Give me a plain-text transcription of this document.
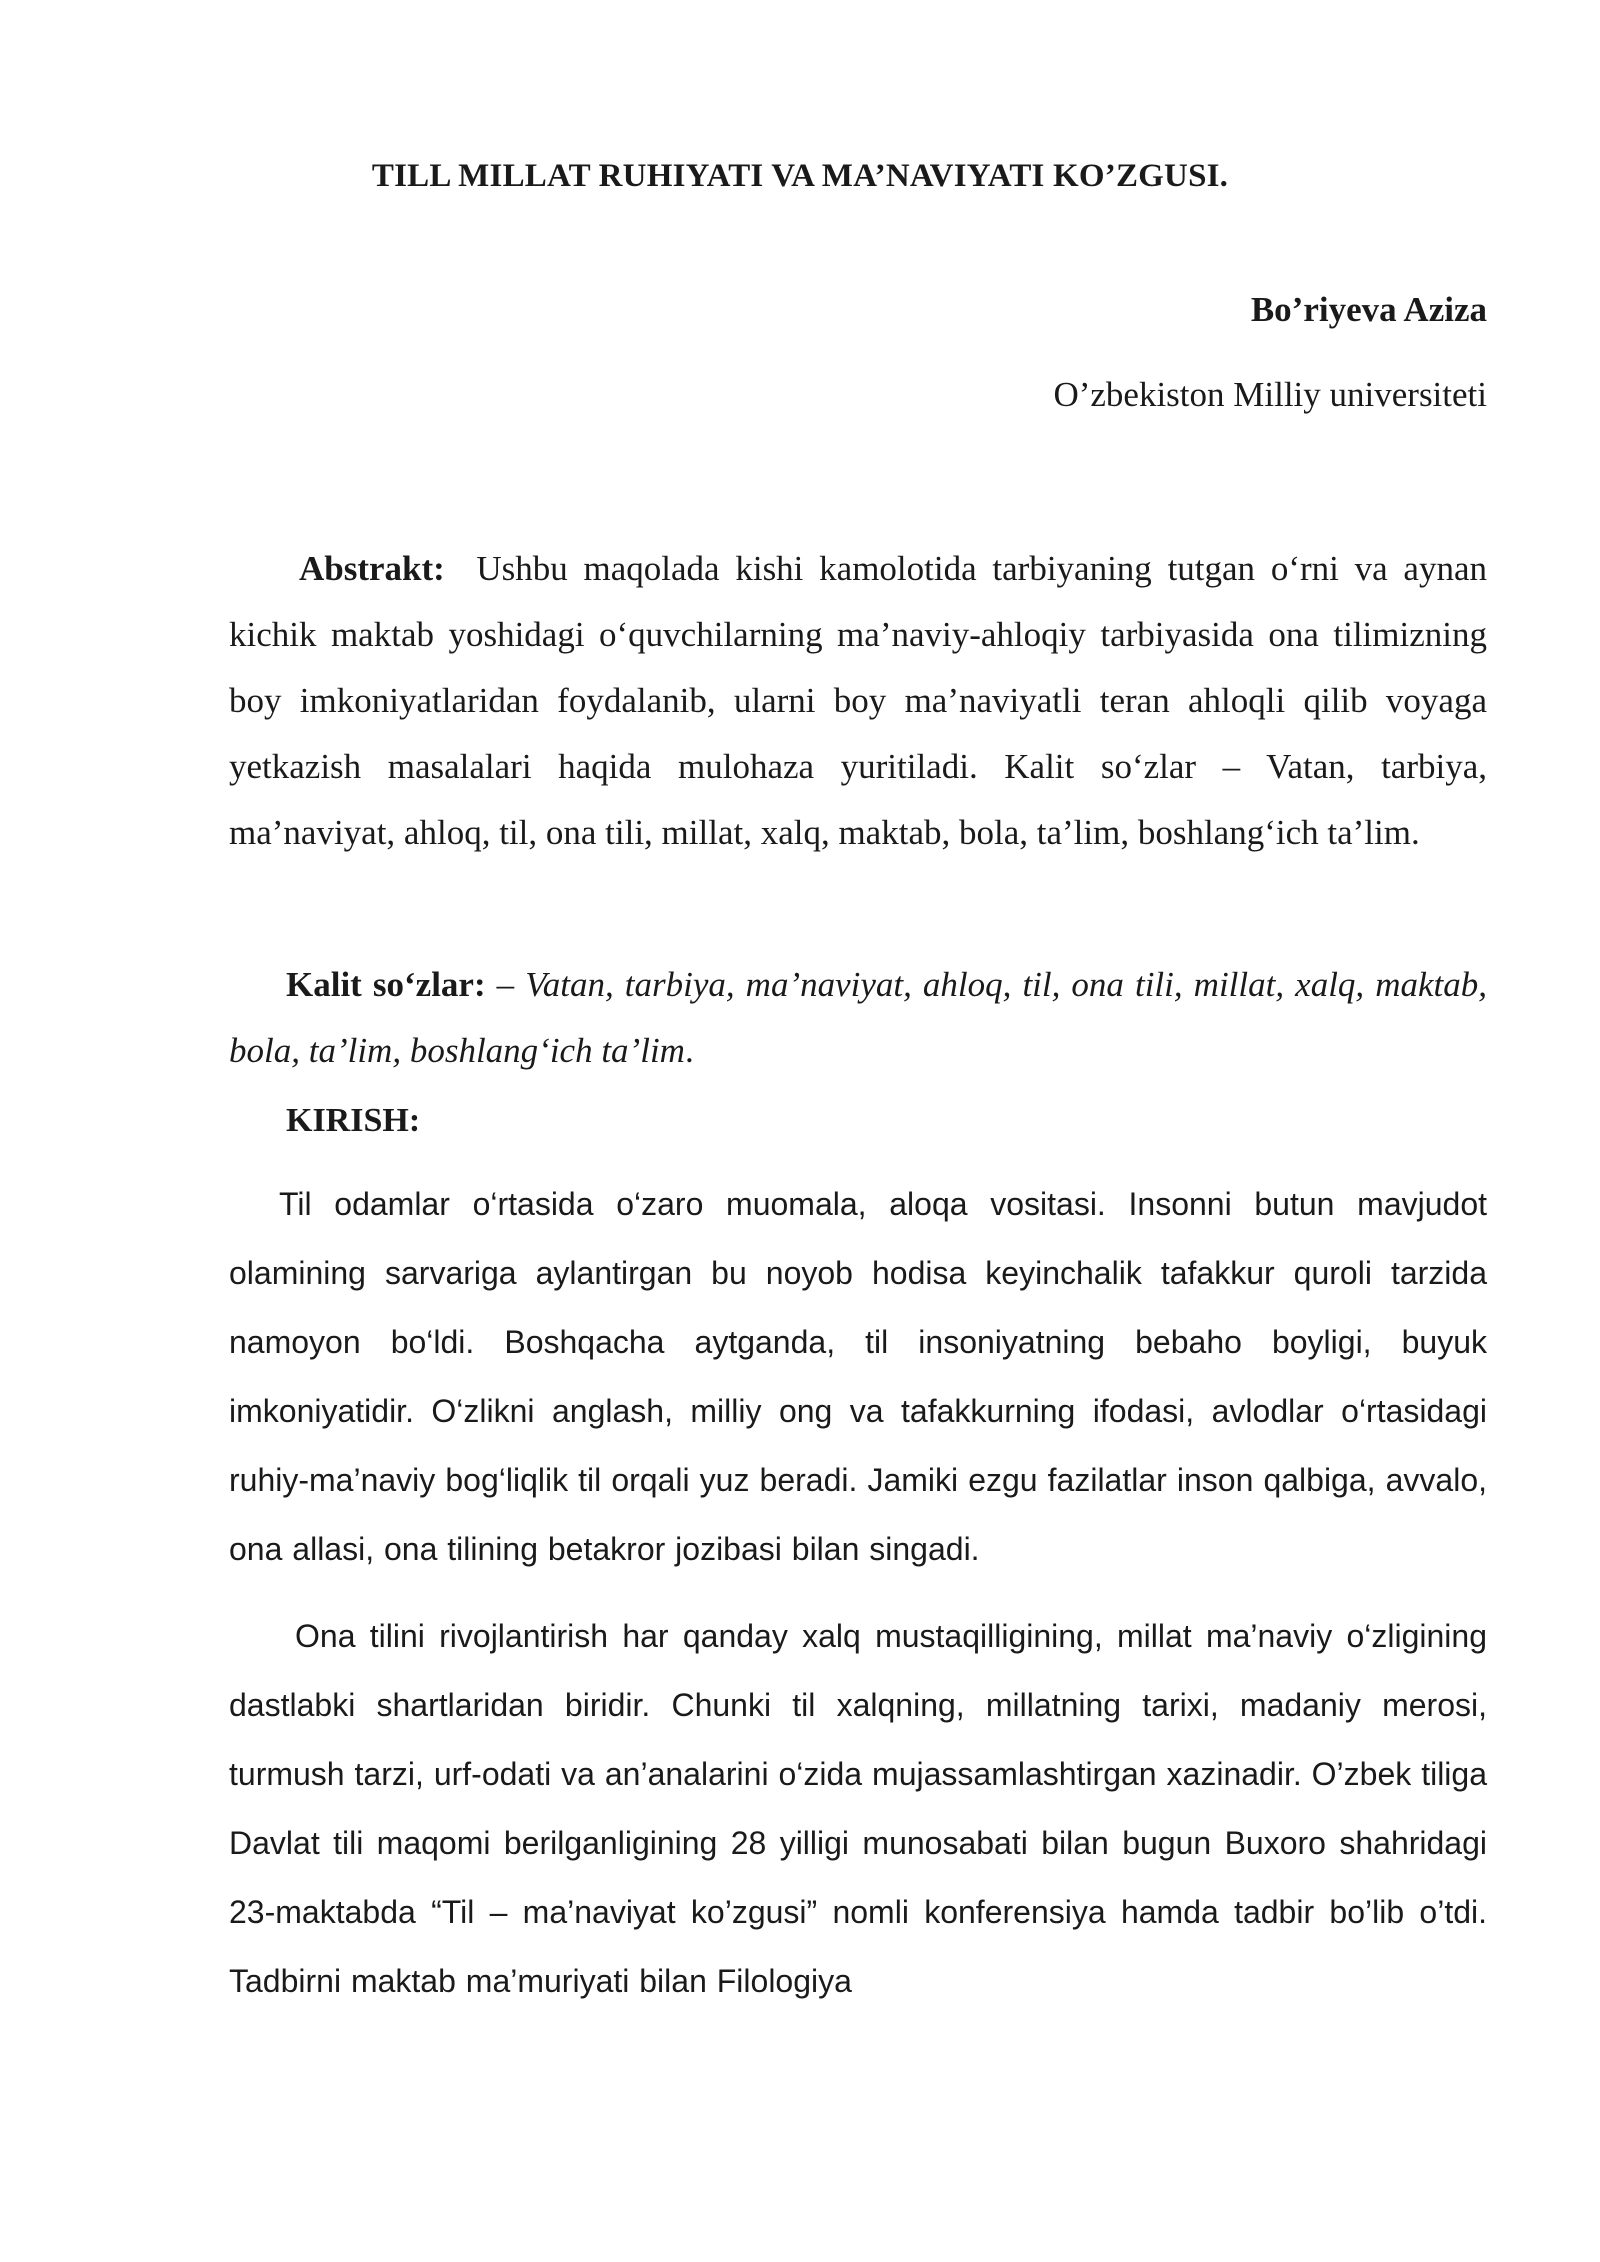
TILL MILLAT RUHIYATI VA MA’NAVIYATI KO’ZGUSI.
Bo’riyeva Aziza
O’zbekiston Milliy universiteti
Abstrakt: Ushbu maqolada kishi kamolotida tarbiyaning tutgan o‘rni va aynan kichik maktab yoshidagi o‘quvchilarning ma’naviy-ahloqiy tarbiyasida ona tilimizning boy imkoniyatlaridan foydalanib, ularni boy ma’naviyatli teran ahloqli qilib voyaga yetkazish masalalari haqida mulohaza yuritiladi. Kalit so‘zlar – Vatan, tarbiya, ma’naviyat, ahloq, til, ona tili, millat, xalq, maktab, bola, ta’lim, boshlang‘ich ta’lim.
Kalit so‘zlar: – Vatan, tarbiya, ma’naviyat, ahloq, til, ona tili, millat, xalq, maktab, bola, ta’lim, boshlang‘ich ta’lim.
KIRISH:
Til odamlar o‘rtasida o‘zaro muomala, aloqa vositasi. Insonni butun mavjudot olamining sarvariga aylantirgan bu noyob hodisa keyinchalik tafakkur quroli tarzida namoyon bo‘ldi. Boshqacha aytganda, til insoniyatning bebaho boyligi, buyuk imkoniyatidir. O‘zlikni anglash, milliy ong va tafakkurning ifodasi, avlodlar o‘rtasidagi ruhiy-ma’naviy bog‘liqlik til orqali yuz beradi. Jamiki ezgu fazilatlar inson qalbiga, avvalo, ona allasi, ona tilining betakror jozibasi bilan singadi.
Ona tilini rivojlantirish har qanday xalq mustaqilligining, millat ma’naviy o‘zligining dastlabki shartlaridan biridir. Chunki til xalqning, millatning tarixi, madaniy merosi, turmush tarzi, urf-odati va an’analarini o‘zida mujassamlashtirgan xazinadir. O’zbek tiliga Davlat tili maqomi berilganligining 28 yilligi munosabati bilan bugun Buxoro shahridagi 23-maktabda “Til – ma’naviyat ko’zgusi” nomli konferensiya hamda tadbir bo’lib o’tdi. Tadbirni maktab ma’muriyati bilan Filologiya
